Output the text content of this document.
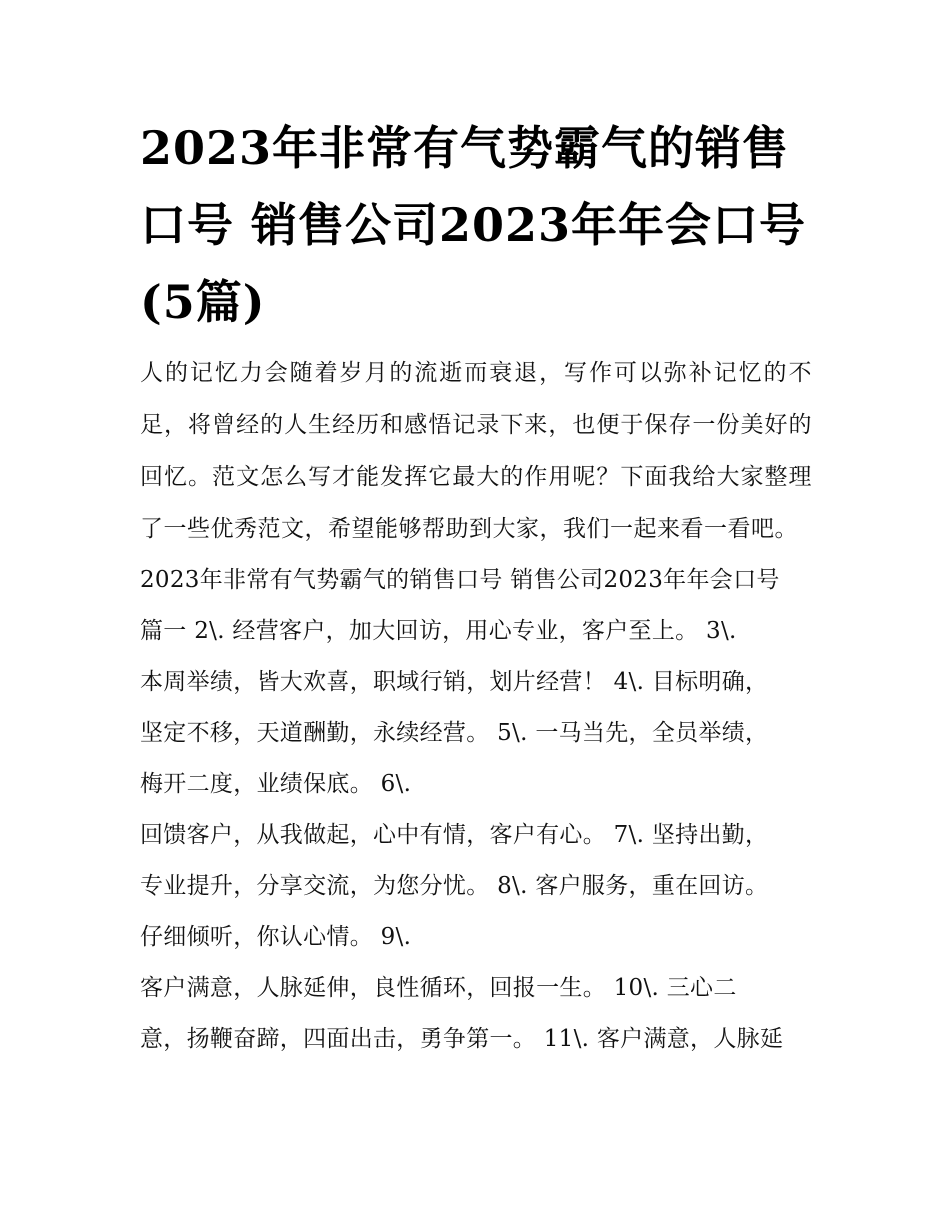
2023年非常有气势霸气的销售口号 销售公司2023年年会口号(5篇)

人的记忆力会随着岁月的流逝而衰退，写作可以弥补记忆的不足，将曾经的人生经历和感悟记录下来，也便于保存一份美好的回忆。范文怎么写才能发挥它最大的作用呢？下面我给大家整理了一些优秀范文，希望能够帮助到大家，我们一起来看一看吧。

2023年非常有气势霸气的销售口号 销售公司2023年年会口号
篇一 2\. 经营客户，加大回访，用心专业，客户至上。 3\.
本周举绩，皆大欢喜，职域行销，划片经营！ 4\. 目标明确，
坚定不移，天道酬勤，永续经营。 5\. 一马当先，全员举绩，
梅开二度，业绩保底。 6\.
回馈客户，从我做起，心中有情，客户有心。 7\. 坚持出勤，
专业提升，分享交流，为您分忧。 8\. 客户服务，重在回访。
仔细倾听，你认心情。 9\.
客户满意，人脉延伸，良性循环，回报一生。 10\. 三心二
意，扬鞭奋蹄，四面出击，勇争第一。 11\. 客户满意，人脉延
